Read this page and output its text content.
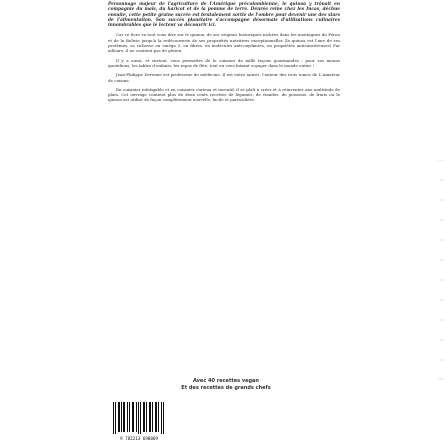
Personnage majeur de l'agriculture de l'Amérique précolombienne, le quinoa y trônait en compagnie du maïs, du haricot et de la pomme de terre. Denrée reine chez les Incas, déchue ensuite, cette petite graine sacrée est brutalement sortie de l'ombre pour devenir une des stars de l'alimentation. Son succès planétaire s'accompagne désormais d'utilisations culinaires innombrables que le lecteur va découvrir ici.

Car ce livre va tout vous dire sur le quinoa, de ses origines historiques nichées dans les montagnes du Pérou et de la Bolivie jusqu'à la redécouverte de ses propriétés nutritives exceptionnelles (la quinoa est l'une de ses protéines, sa richesse en oméga 3, en fibres, en molécules anti-oxydantes, en propriétés anticancéreuses) Par ailleurs, il ne contient pas de gluten.

Il y a aussi, et surtout, vous permettre de le cuisiner de mille façons gourmandes : pour vos menus quotidiens, les tables d'enfants, les repas de fête, tout en vous faisant voyager dans le monde entier !

Jean-Philippe Derenne est professeur de médecine. Il est entre autres, l'auteur des trois tomes de L'Amateur de cuisine.

En cuisinier infatigable et en cuisinier curieux et inventif, il se plaît à créer et à réinventer une multitude de plats. Cet ouvrage contient plus de deux cents recettes de légumes, de viandes, de poissons, de fruits ou le quinoa est utilisé de façon complètement nouvelle, facile et particulière.

Avec 40 recettes vegan
Et des recettes de grands chefs
9 782213 698069
